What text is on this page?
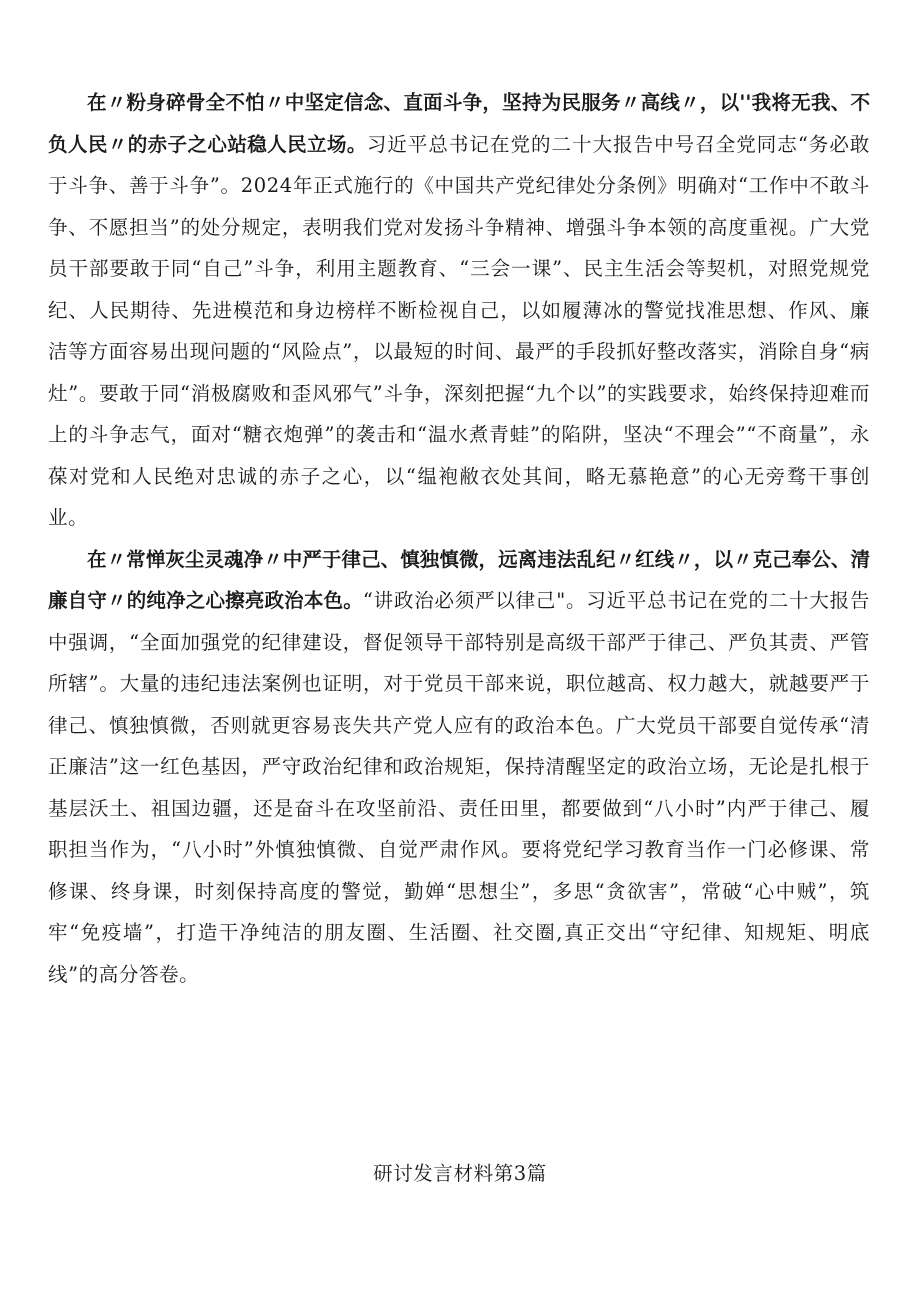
在〃粉身碎骨全不怕〃中坚定信念、直面斗争，坚持为民服务〃高线〃，以''我将无我、不负人民〃的赤子之心站稳人民立场。习近平总书记在党的二十大报告中号召全党同志“务必敢于斗争、善于斗争”。2024年正式施行的《中国共产党纪律处分条例》明确对“工作中不敢斗争、不愿担当”的处分规定，表明我们党对发扬斗争精神、增强斗争本领的高度重视。广大党员干部要敢于同“自己”斗争，利用主题教育、“三会一课”、民主生活会等契机，对照党规党纪、人民期待、先进模范和身边榜样不断检视自己，以如履薄冰的警觉找准思想、作风、廉洁等方面容易出现问题的“风险点”，以最短的时间、最严的手段抓好整改落实，消除自身“病灶”。要敢于同“消极腐败和歪风邪气”斗争，深刻把握“九个以”的实践要求，始终保持迎难而上的斗争志气，面对“糖衣炮弹”的袭击和“温水煮青蛙”的陷阱，坚决“不理会”“不商量”，永葆对党和人民绝对忠诚的赤子之心，以“缊袍敝衣处其间，略无慕艳意”的心无旁骛干事创业。

在〃常惮灰尘灵魂净〃中严于律己、慎独慎微，远离违法乱纪〃红线〃，以〃克己奉公、清廉自守〃的纯净之心擦亮政治本色。“讲政治必须严以律己"。习近平总书记在党的二十大报告中强调，“全面加强党的纪律建设，督促领导干部特别是高级干部严于律己、严负其责、严管所辖”。大量的违纪违法案例也证明，对于党员干部来说，职位越高、权力越大，就越要严于律己、慎独慎微，否则就更容易丧失共产党人应有的政治本色。广大党员干部要自觉传承“清正廉洁”这一红色基因，严守政治纪律和政治规矩，保持清醒坚定的政治立场，无论是扎根于基层沃土、祖国边疆，还是奋斗在攻坚前沿、责任田里，都要做到“八小时”内严于律己、履职担当作为，“八小时”外慎独慎微、自觉严肃作风。要将党纪学习教育当作一门必修课、常修课、终身课，时刻保持高度的警觉，勤婵“思想尘”，多思“贪欲害”，常破“心中贼”，筑牢“免疫墙”，打造干净纯洁的朋友圈、生活圈、社交圈,真正交出“守纪律、知规矩、明底线”的高分答卷。

研讨发言材料第3篇
